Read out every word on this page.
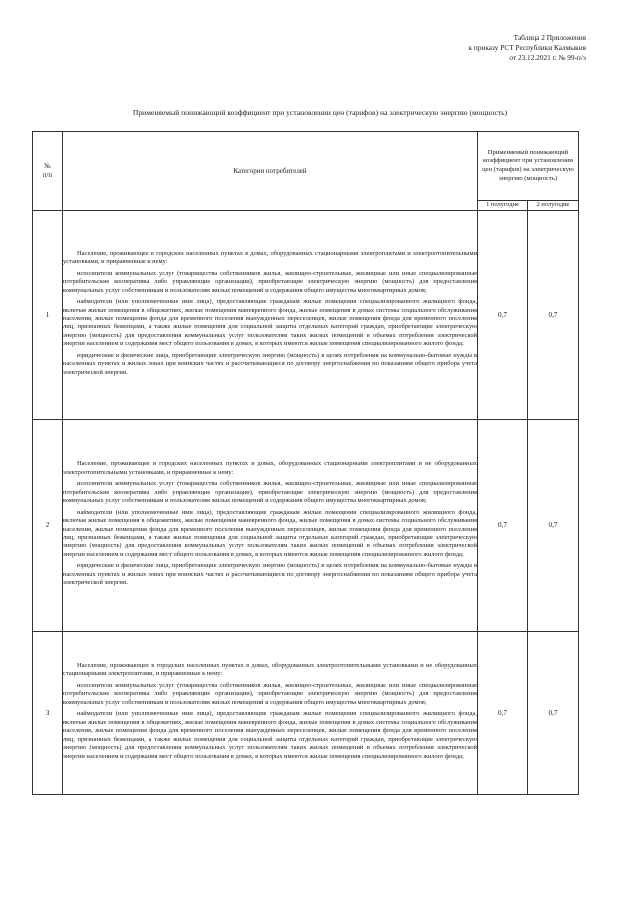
Таблица 2 Приложения
к приказу РСТ Республики Калмыкия
от 23.12.2021 г. № 99-п/э
Применяемый понижающий коэффициент при установлении цен (тарифов) на электрическую энергию (мощность)
№
п/п	Категории потребителей	Применяемый понижающий коэффициент при установлении цен (тарифов) на электрическую энергию (мощность)	
		1 полугодие	2 полугодие
1	Население, проживающее в городских населенных пунктах в домах, оборудованных стационарными электроплитами и электроотопительными установками, и приравненные к нему:

исполнители коммунальных услуг (товарищества собственников жилья, жилищно-строительные, жилищные или иные специализированные потребительские кооперативы либо управляющие организации), приобретающие электрическую энергию (мощность) для предоставления коммунальных услуг собственникам и пользователям жилых помещений и содержания общего имущества многоквартирных домов;

наймодатели (или уполномоченные ими лица), предоставляющие гражданам жилые помещения специализированного жилищного фонда, включая жилые помещения в общежитиях, жилые помещения маневренного фонда, жилые помещения в домах системы социального обслуживания населения, жилые помещения фонда для временного поселения вынужденных переселенцев, жилые помещения фонда для временного поселения лиц, признанных беженцами, а также жилые помещения для социальной защиты отдельных категорий граждан, приобретающие электрическую энергию (мощность) для предоставления коммунальных услуг пользователям таких жилых помещений в объемах потребления электрической энергии населением и содержания мест общего пользования в домах, в которых имеются жилые помещения специализированного жилого фонда;

юридические и физические лица, приобретающие электрическую энергию (мощность) в целях потребления на коммунально-бытовые нужды в населенных пунктах и жилых зонах при воинских частях и рассчитывающиеся по договору энергоснабжения по показаниям общего прибора учета электрической энергии.	0,7	0,7
2	Население, проживающее в городских населенных пунктах в домах, оборудованных стационарными электроплитами и не оборудованных электроотопительными установками, и приравненные к нему:

исполнители коммунальных услуг (товарищества собственников жилья, жилищно-строительные, жилищные или иные специализированные потребительские кооперативы либо управляющие организации), приобретающие электрическую энергию (мощность) для предоставления коммунальных услуг собственникам и пользователям жилых помещений и содержания общего имущества многоквартирных домов;

наймодатели (или уполномоченные ими лица), предоставляющие гражданам жилые помещения специализированного жилищного фонда, включая жилые помещения в общежитиях, жилые помещения маневренного фонда, жилые помещения в домах системы социального обслуживания населения, жилые помещения фонда для временного поселения вынужденных переселенцев, жилые помещения фонда для временного поселения лиц, признанных беженцами, а также жилые помещения для социальной защиты отдельных категорий граждан, приобретающие электрическую энергию (мощность) для предоставления коммунальных услуг пользователям таких жилых помещений в объемах потребления электрической энергии населением и содержания мест общего пользования в домах, в которых имеются жилые помещения специализированного жилого фонда;

юридические и физические лица, приобретающие электрическую энергию (мощность) в целях потребления на коммунально-бытовые нужды в населенных пунктах и жилых зонах при воинских частях и рассчитывающиеся по договору энергоснабжения по показаниям общего прибора учета электрической энергии.	0,7	0,7
3	Население, проживающее в городских населенных пунктах в домах, оборудованных электроотопительными установками и не оборудованных стационарными электроплитами, и приравненные к нему:

исполнители коммунальных услуг (товарищества собственников жилья, жилищно-строительные, жилищные или иные специализированные потребительские кооперативы либо управляющие организации), приобретающие электрическую энергию (мощность) для предоставления коммунальных услуг собственникам и пользователям жилых помещений и содержания общего имущества многоквартирных домов;

наймодатели (или уполномоченные ими лица), предоставляющие гражданам жилые помещения специализированного жилищного фонда, включая жилые помещения в общежитиях, жилые помещения маневренного фонда, жилые помещения в домах системы социального обслуживания населения, жилые помещения фонда для временного поселения вынужденных переселенцев, жилые помещения фонда для временного поселения лиц, признанных беженцами, а также жилые помещения для социальной защиты отдельных категорий граждан, приобретающие электрическую энергию (мощность) для предоставления коммунальных услуг пользователям таких жилых помещений в объемах потребления электрической энергии населением и содержания мест общего пользования в домах, в которых имеются жилые помещения специализированного жилого фонда;	0,7	0,7
